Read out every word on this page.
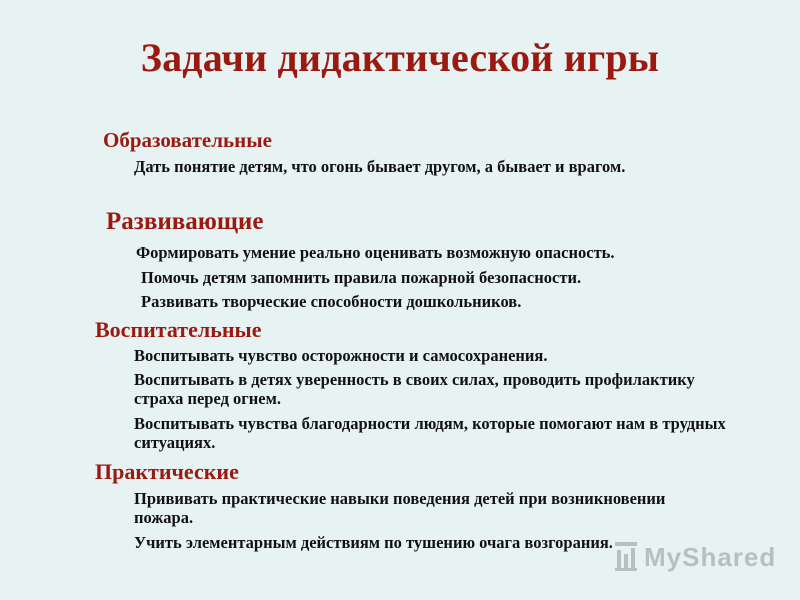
Задачи дидактической игры
Образовательные
Дать понятие детям, что огонь бывает другом, а бывает и врагом.
Развивающие
Формировать умение реально оценивать возможную опасность.
Помочь детям запомнить правила пожарной безопасности.
Развивать творческие способности дошкольников.
Воспитательные
Воспитывать чувство осторожности и самосохранения.
Воспитывать в детях уверенность в своих силах, проводить профилактику страха перед огнем.
Воспитывать чувства благодарности людям, которые помогают нам в трудных ситуациях.
Практические
Прививать практические навыки поведения детей при возникновении пожара.
Учить элементарным действиям по тушению очага возгорания. MyShared
